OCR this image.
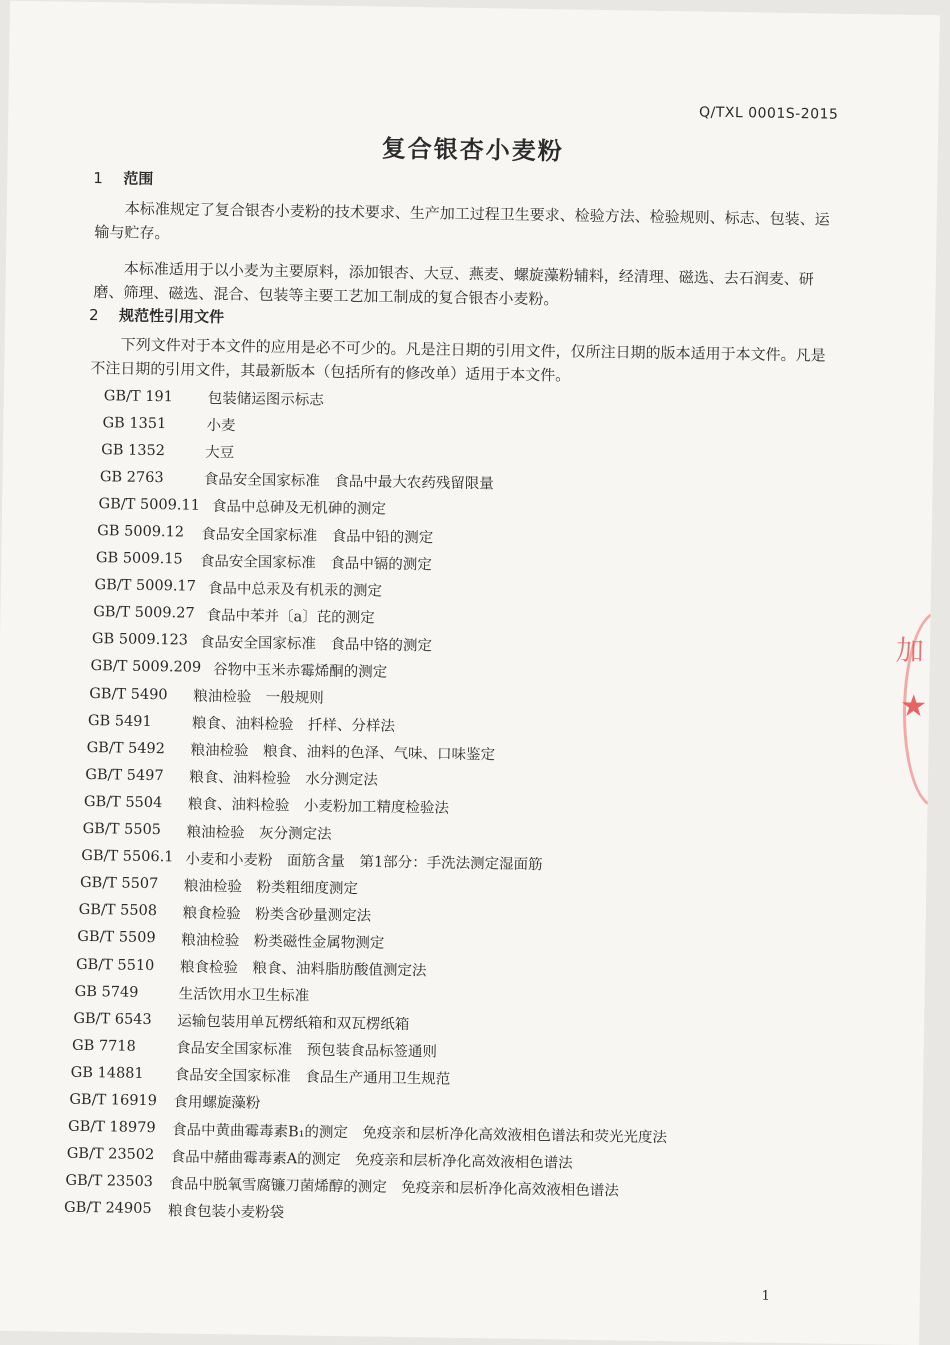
Q/TXL 0001S-2015
复合银杏小麦粉
1 范围
本标准规定了复合银杏小麦粉的技术要求、生产加工过程卫生要求、检验方法、检验规则、标志、包装、运输与贮存。
本标准适用于以小麦为主要原料，添加银杏、大豆、燕麦、螺旋藻粉辅料，经清理、磁选、去石润麦、研磨、筛理、磁选、混合、包装等主要工艺加工制成的复合银杏小麦粉。
2 规范性引用文件
下列文件对于本文件的应用是必不可少的。凡是注日期的引用文件，仅所注日期的版本适用于本文件。凡是不注日期的引用文件，其最新版本（包括所有的修改单）适用于本文件。
GB/T 191	包装储运图示标志
GB 1351	小麦
GB 1352	大豆
GB 2763	食品安全国家标准　食品中最大农药残留限量
GB/T 5009.11 食品中总砷及无机砷的测定
GB 5009.12	食品安全国家标准　食品中铅的测定
GB 5009.15	食品安全国家标准　食品中镉的测定
GB/T 5009.17 食品中总汞及有机汞的测定
GB/T 5009.27 食品中苯并〔a〕芘的测定
GB 5009.123 食品安全国家标准　食品中铬的测定
GB/T 5009.209 谷物中玉米赤霉烯酮的测定
GB/T 5490	粮油检验　一般规则
GB 5491	粮食、油料检验　扦样、分样法
GB/T 5492	粮油检验　粮食、油料的色泽、气味、口味鉴定
GB/T 5497	粮食、油料检验　水分测定法
GB/T 5504	粮食、油料检验　小麦粉加工精度检验法
GB/T 5505	粮油检验　灰分测定法
GB/T 5506.1 小麦和小麦粉　面筋含量　第1部分：手洗法测定湿面筋
GB/T 5507	粮油检验　粉类粗细度测定
GB/T 5508	粮食检验　粉类含砂量测定法
GB/T 5509	粮油检验　粉类磁性金属物测定
GB/T 5510	粮食检验　粮食、油料脂肪酸值测定法
GB 5749	生活饮用水卫生标准
GB/T 6543	运输包装用单瓦楞纸箱和双瓦楞纸箱
GB 7718	食品安全国家标准　预包装食品标签通则
GB 14881	食品安全国家标准　食品生产通用卫生规范
GB/T 16919	食用螺旋藻粉
GB/T 18979	食品中黄曲霉毒素B₁的测定　免疫亲和层析净化高效液相色谱法和荧光光度法
GB/T 23502	食品中赭曲霉毒素A的测定　免疫亲和层析净化高效液相色谱法
GB/T 23503	食品中脱氧雪腐镰刀菌烯醇的测定　免疫亲和层析净化高效液相色谱法
GB/T 24905	粮食包装小麦粉袋
1
加
★
